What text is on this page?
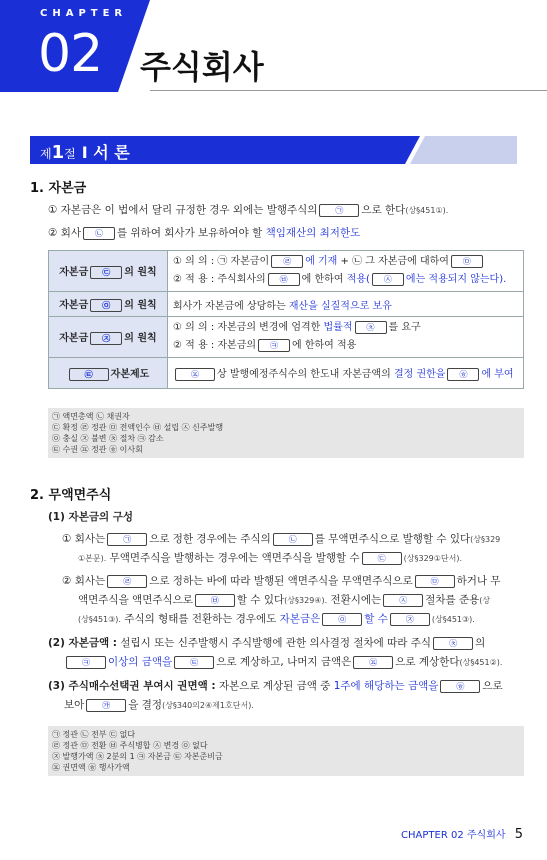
CHAPTER
02 주식회사
제1절 I 서 론
1. 자본금
① 자본금은 이 법에서 달리 규정한 경우 외에는 발행주식의 ㉠ 으로 한다(상§451①).
② 회사 ㉡ 를 위하여 회사가 보유하여야 할 책임재산의 최저한도
자본금 ㉢ 의 원칙	① 의 의 : ㉠ 자본금이 ㉣ 에 기재 + ㉡ 그 자본금에 대하여 ㉤
② 적 용 : 주식회사의 ㉥ 에 한하여 적용( ㉦ 에는 적용되지 않는다).

자본금 ㉧ 의 원칙	회사가 자본금에 상당하는 재산을 실질적으로 보유
자본금 ㉨ 의 원칙	① 의 의 : 자본금의 변경에 엄격한 법률적 ㉩ 를 요구
② 적 용 : 자본금의 ㉪ 에 한하여 적용

㉫ 자본제도	㉬ 상 발행예정주식수의 한도내 자본금액의 결정 권한을 ㉭ 에 부여
㉠ 액면총액 ㉡ 채권자
㉢ 확정 ㉣ 정관 ㉤ 전액인수 ㉥ 설립 ㉦ 신주발행
㉧ 충실 ㉨ 불변 ㉩ 절차 ㉪ 감소
㉫ 수권 ㉬ 정관 ㉭ 이사회
2. 무액면주식
(1) 자본금의 구성
① 회사는 ㉠ 으로 정한 경우에는 주식의 ㉡ 를 무액면주식으로 발행할 수 있다(상§329
①본문). 무액면주식을 발행하는 경우에는 액면주식을 발행할 수 ㉢ (상§329①단서).
② 회사는 ㉣ 으로 정하는 바에 따라 발행된 액면주식을 무액면주식으로 ㉤ 하거나 무
액면주식을 액면주식으로 ㉥ 할 수 있다(상§329④). 전환시에는 ㉦ 절차를 준용(상
(상§451③). 주식의 형태를 전환하는 경우에도 자본금은 ㉧ 할 수 ㉨ (상§451③).
(2) 자본금액 : 설립시 또는 신주발행시 주식발행에 관한 의사결정 절차에 따라 주식 ㉩ 의
㉪ 이상의 금액을 ㉫ 으로 계상하고, 나머지 금액은 ㉬ 으로 계상한다(상§451②).
(3) 주식매수선택권 부여시 권면액 : 자본으로 계상된 금액 중 1주에 해당하는 금액을 ㉭ 으로
보아 ㉮ 을 결정(상§340의2④제1호단서).
㉠ 정관 ㉡ 전부 ㉢ 없다
㉣ 정관 ㉤ 전환 ㉥ 주식병합 ㉦ 변경 ㉧ 없다
㉨ 발행가액 ㉩ 2분의 1 ㉪ 자본금 ㉫ 자본준비금
㉬ 권면액 ㉭ 행사가액
CHAPTER 02 주식회사 5
